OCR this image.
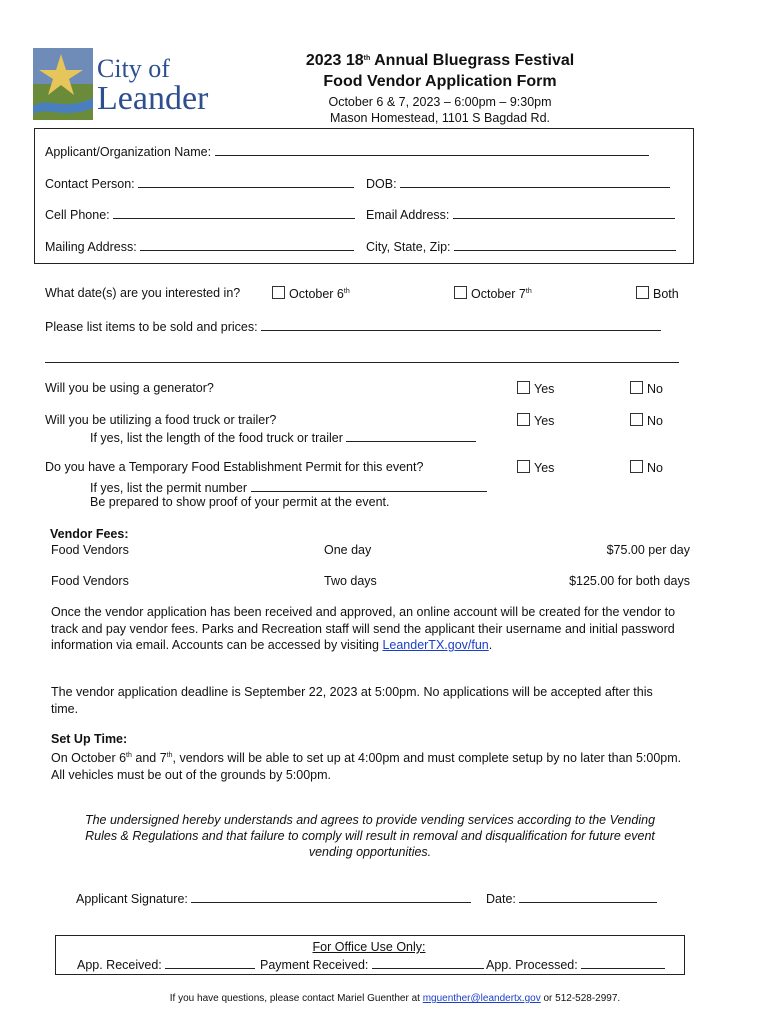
City of
Leander
2023 18th Annual Bluegrass Festival
Food Vendor Application Form
October 6 & 7, 2023 – 6:00pm – 9:30pm
Mason Homestead, 1101 S Bagdad Rd.
Applicant/Organization Name:
Contact Person:	DOB:
Cell Phone:	Email Address:
Mailing Address:	City, State, Zip:
What date(s) are you interested in?	October 6th	October 7th	Both
Please list items to be sold and prices:
Will you be using a generator?	Yes	No
Will you be utilizing a food truck or trailer?	Yes	No
If yes, list the length of the food truck or trailer
Do you have a Temporary Food Establishment Permit for this event?	Yes	No
If yes, list the permit number
Be prepared to show proof of your permit at the event.
Vendor Fees:
Food Vendors	One day	$75.00 per day
Food Vendors	Two days	$125.00 for both days
Once the vendor application has been received and approved, an online account will be created for the vendor to track and pay vendor fees. Parks and Recreation staff will send the applicant their username and initial password information via email. Accounts can be accessed by visiting LeanderTX.gov/fun.
The vendor application deadline is September 22, 2023 at 5:00pm. No applications will be accepted after this time.
Set Up Time:
On October 6th and 7th, vendors will be able to set up at 4:00pm and must complete setup by no later than 5:00pm. All vehicles must be out of the grounds by 5:00pm.
The undersigned hereby understands and agrees to provide vending services according to the Vending Rules & Regulations and that failure to comply will result in removal and disqualification for future event vending opportunities.
Applicant Signature:	Date:
For Office Use Only:
App. Received:	Payment Received:	App. Processed:
If you have questions, please contact Mariel Guenther at mguenther@leandertx.gov or 512-528-2997.
